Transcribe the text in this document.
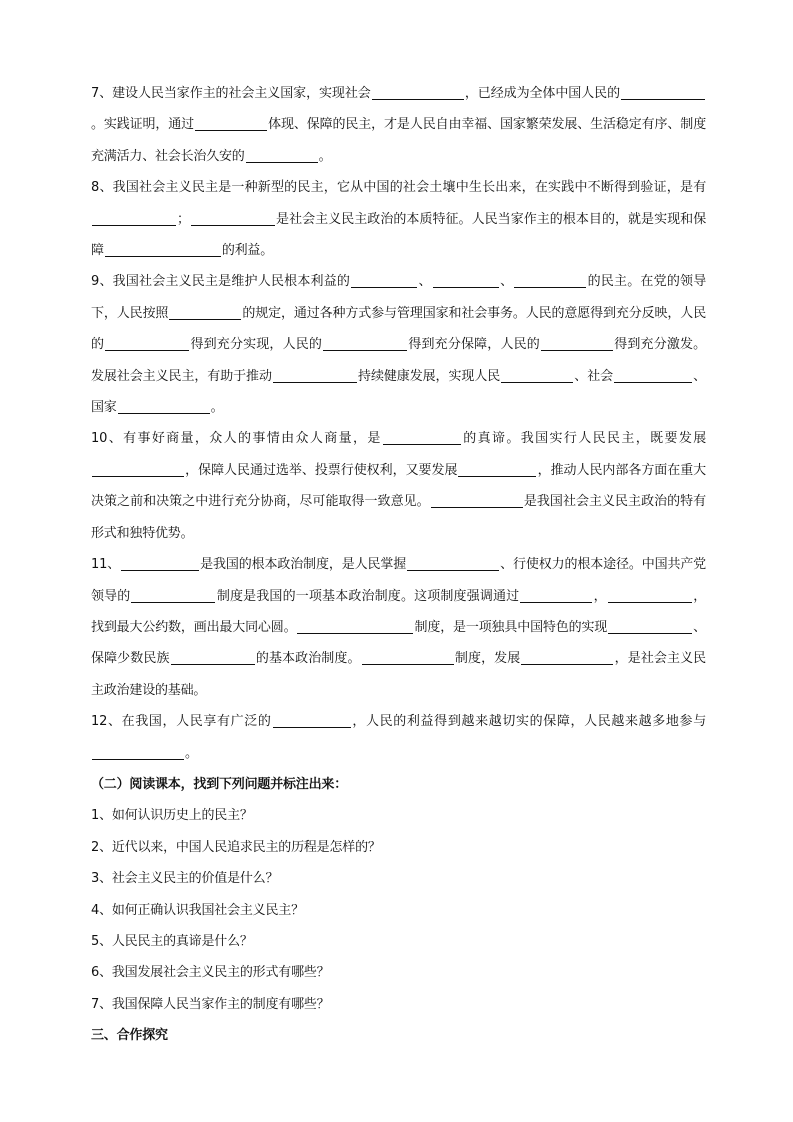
7、建设人民当家作主的社会主义国家，实现社会	，已经成为全体中国人民的。实践证明，通过	体现、保障的民主，才是人民自由幸福、国家繁荣发展、生活稳定有序、制度充满活力、社会长治久安的	。

8、我国社会主义民主是一种新型的民主，它从中国的社会土壤中生长出来，在实践中不断得到验证，是有；	是社会主义民主政治的本质特征。人民当家作主的根本目的，就是实现和保障	的利益。

9、我国社会主义民主是维护人民根本利益的	、	、	的民主。在党的领导下，人民按照	的规定，通过各种方式参与管理国家和社会事务。人民的意愿得到充分反映，人民的	得到充分实现，人民的	得到充分保障，人民的	得到充分激发。发展社会主义民主，有助于推动	持续健康发展，实现人民	、社会	、国家	。

10、有事好商量，众人的事情由众人商量，是	的真谛。我国实行人民民主，既要发展，保障人民通过选举、投票行使权利，又要发展	，推动人民内部各方面在重大决策之前和决策之中进行充分协商，尽可能取得一致意见。	是我国社会主义民主政治的特有形式和独特优势。

11、	是我国的根本政治制度，是人民掌握	、行使权力的根本途径。中国共产党领导的	制度是我国的一项基本政治制度。这项制度强调通过	，	，找到最大公约数，画出最大同心圆。	制度，是一项独具中国特色的实现	、保障少数民族	的基本政治制度。	制度，发展	，是社会主义民主政治建设的基础。

12、在我国，人民享有广泛的	，人民的利益得到越来越切实的保障，人民越来越多地参与。

（二）阅读课本，找到下列问题并标注出来：

1、如何认识历史上的民主？

2、近代以来，中国人民追求民主的历程是怎样的？

3、社会主义民主的价值是什么？

4、如何正确认识我国社会主义民主？

5、人民民主的真谛是什么？

6、我国发展社会主义民主的形式有哪些？

7、我国保障人民当家作主的制度有哪些？

三、合作探究
